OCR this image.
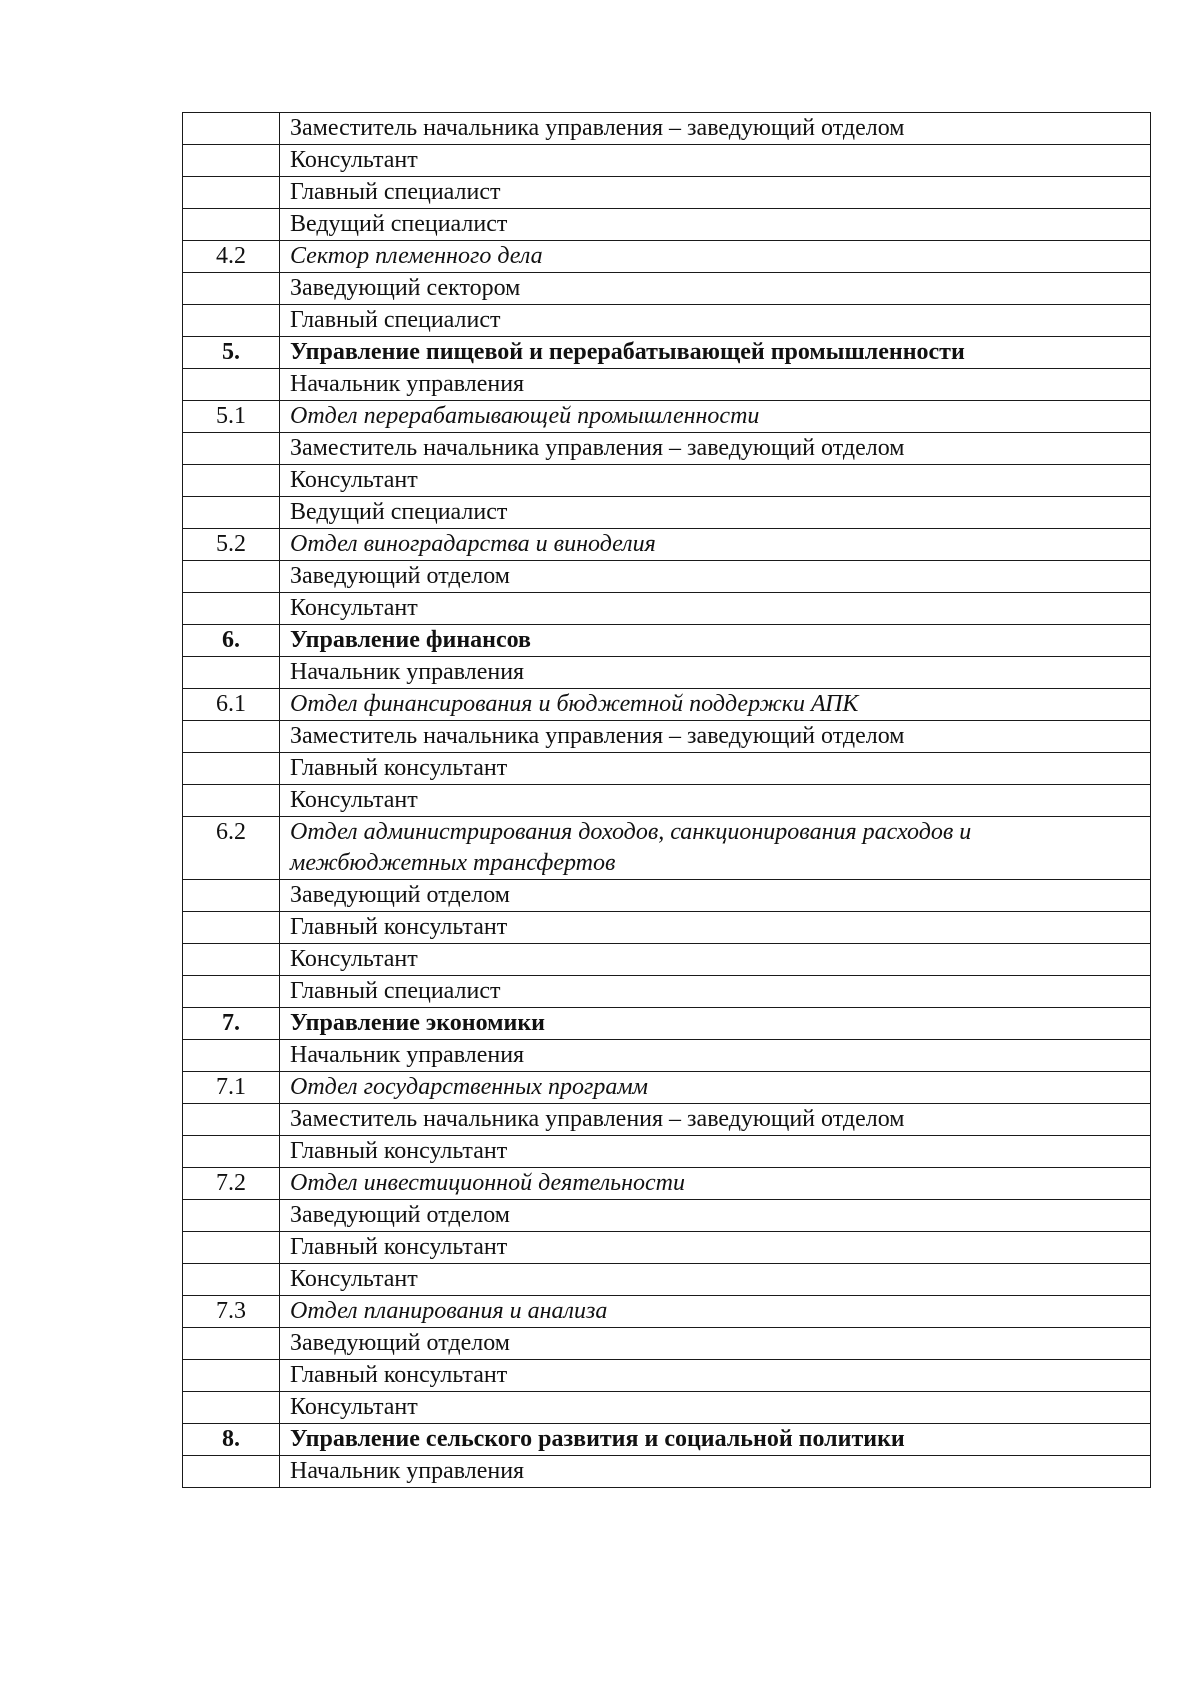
	Заместитель начальника управления – заведующий отделом
	Консультант
	Главный специалист
	Ведущий специалист
4.2	Сектор племенного дела
	Заведующий сектором
	Главный специалист
5.	Управление пищевой и перерабатывающей промышленности
	Начальник управления
5.1	Отдел перерабатывающей промышленности
	Заместитель начальника управления – заведующий отделом
	Консультант
	Ведущий специалист
5.2	Отдел виноградарства и виноделия
	Заведующий отделом
	Консультант
6.	Управление финансов
	Начальник управления
6.1	Отдел финансирования и бюджетной поддержки АПК
	Заместитель начальника управления – заведующий отделом
	Главный консультант
	Консультант
6.2	Отдел администрирования доходов, санкционирования расходов и межбюджетных трансфертов
	Заведующий отделом
	Главный консультант
	Консультант
	Главный специалист
7.	Управление экономики
	Начальник управления
7.1	Отдел государственных программ
	Заместитель начальника управления – заведующий отделом
	Главный консультант
7.2	Отдел инвестиционной деятельности
	Заведующий отделом
	Главный консультант
	Консультант
7.3	Отдел планирования и анализа
	Заведующий отделом
	Главный консультант
	Консультант
8.	Управление сельского развития и социальной политики
	Начальник управления
